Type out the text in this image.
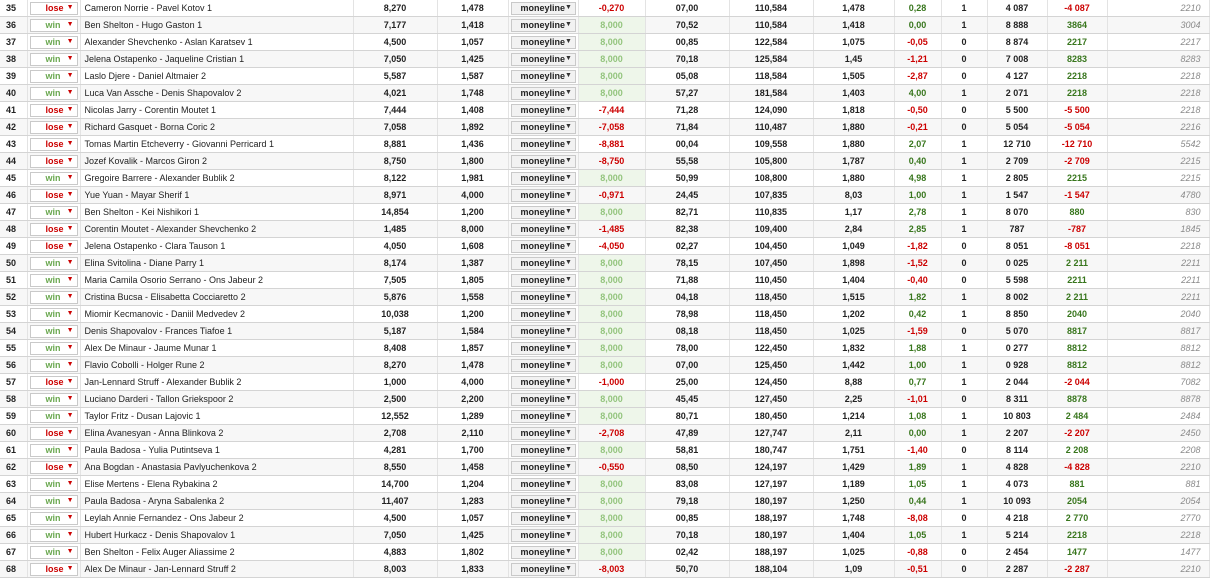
35	lose ▼	Cameron Norrie - Pavel Kotov 1	8,270	1,478	moneyline ▼	-0,270	07,00	110,584	1,478	0,28	1	4 087	-4 087	2210
36	win ▼	Ben Shelton - Hugo Gaston 1	7,177	1,418	moneyline ▼	8,000	70,52	110,584	1,418	0,00	1	8 888	3864	3004
37	win ▼	Alexander Shevchenko - Aslan Karatsev 1	4,500	1,057	moneyline ▼	8,000	00,85	122,584	1,075	-0,05	0	8 874	2217	2217
38	win ▼	Jelena Ostapenko - Jaqueline Cristian 1	7,050	1,425	moneyline ▼	8,000	70,18	125,584	1,45	-1,21	0	7 008	8283	8283
39	win ▼	Laslo Djere - Daniel Altmaier 2	5,587	1,587	moneyline ▼	8,000	05,08	118,584	1,505	-2,87	0	4 127	2218	2218
40	win ▼	Luca Van Assche - Denis Shapovalov 2	4,021	1,748	moneyline ▼	8,000	57,27	181,584	1,403	4,00	1	2 071	2218	2218
41	lose ▼	Nicolas Jarry - Corentin Moutet 1	7,444	1,408	moneyline ▼	-7,444	71,28	124,090	1,818	-0,50	0	5 500	-5 500	2218
42	lose ▼	Richard Gasquet - Borna Coric 2	7,058	1,892	moneyline ▼	-7,058	71,84	110,487	1,880	-0,21	0	5 054	-5 054	2216
43	lose ▼	Tomas Martin Etcheverry - Giovanni Perricard 1	8,881	1,436	moneyline ▼	-8,881	00,04	109,558	1,880	2,07	1	12 710	-12 710	5542
44	lose ▼	Jozef Kovalik - Marcos Giron 2	8,750	1,800	moneyline ▼	-8,750	55,58	105,800	1,787	0,40	1	2 709	-2 709	2215
45	win ▼	Gregoire Barrere - Alexander Bublik 2	8,122	1,981	moneyline ▼	8,000	50,99	108,800	1,880	4,98	1	2 805	2215	2215
46	lose ▼	Yue Yuan - Mayar Sherif 1	8,971	4,000	moneyline ▼	-0,971	24,45	107,835	8,03	1,00	1	1 547	-1 547	4780
47	win ▼	Ben Shelton - Kei Nishikori 1	14,854	1,200	moneyline ▼	8,000	82,71	110,835	1,17	2,78	1	8 070	880	830
48	lose ▼	Corentin Moutet - Alexander Shevchenko 2	1,485	8,000	moneyline ▼	-1,485	82,38	109,400	2,84	2,85	1	787	-787	1845
49	lose ▼	Jelena Ostapenko - Clara Tauson 1	4,050	1,608	moneyline ▼	-4,050	02,27	104,450	1,049	-1,82	0	8 051	-8 051	2218
50	win ▼	Elina Svitolina - Diane Parry 1	8,174	1,387	moneyline ▼	8,000	78,15	107,450	1,898	-1,52	0	0 025	2 211	2211
51	win ▼	Maria Camila Osorio Serrano - Ons Jabeur 2	7,505	1,805	moneyline ▼	8,000	71,88	110,450	1,404	-0,40	0	5 598	2211	2211
52	win ▼	Cristina Bucsa - Elisabetta Cocciaretto 2	5,876	1,558	moneyline ▼	8,000	04,18	118,450	1,515	1,82	1	8 002	2 211	2211
53	win ▼	Miomir Kecmanovic - Daniil Medvedev 2	10,038	1,200	moneyline ▼	8,000	78,98	118,450	1,202	0,42	1	8 850	2040	2040
54	win ▼	Denis Shapovalov - Frances Tiafoe 1	5,187	1,584	moneyline ▼	8,000	08,18	118,450	1,025	-1,59	0	5 070	8817	8817
55	win ▼	Alex De Minaur - Jaume Munar 1	8,408	1,857	moneyline ▼	8,000	78,00	122,450	1,832	1,88	1	0 277	8812	8812
56	win ▼	Flavio Cobolli - Holger Rune 2	8,270	1,478	moneyline ▼	8,000	07,00	125,450	1,442	1,00	1	0 928	8812	8812
57	lose ▼	Jan-Lennard Struff - Alexander Bublik 2	1,000	4,000	moneyline ▼	-1,000	25,00	124,450	8,88	0,77	1	2 044	-2 044	7082
58	win ▼	Luciano Darderi - Tallon Griekspoor 2	2,500	2,200	moneyline ▼	8,000	45,45	127,450	2,25	-1,01	0	8 311	8878	8878
59	win ▼	Taylor Fritz - Dusan Lajovic 1	12,552	1,289	moneyline ▼	8,000	80,71	180,450	1,214	1,08	1	10 803	2 484	2484
60	lose ▼	Elina Avanesyan - Anna Blinkova 2	2,708	2,110	moneyline ▼	-2,708	47,89	127,747	2,11	0,00	1	2 207	-2 207	2450
61	win ▼	Paula Badosa - Yulia Putintseva 1	4,281	1,700	moneyline ▼	8,000	58,81	180,747	1,751	-1,40	0	8 114	2 208	2208
62	lose ▼	Ana Bogdan - Anastasia Pavlyuchenkova 2	8,550	1,458	moneyline ▼	-0,550	08,50	124,197	1,429	1,89	1	4 828	-4 828	2210
63	win ▼	Elise Mertens - Elena Rybakina 2	14,700	1,204	moneyline ▼	8,000	83,08	127,197	1,189	1,05	1	4 073	881	881
64	win ▼	Paula Badosa - Aryna Sabalenka 2	11,407	1,283	moneyline ▼	8,000	79,18	180,197	1,250	0,44	1	10 093	2054	2054
65	win ▼	Leylah Annie Fernandez - Ons Jabeur 2	4,500	1,057	moneyline ▼	8,000	00,85	188,197	1,748	-8,08	0	4 218	2 770	2770
66	win ▼	Hubert Hurkacz - Denis Shapovalov 1	7,050	1,425	moneyline ▼	8,000	70,18	180,197	1,404	1,05	1	5 214	2218	2218
67	win ▼	Ben Shelton - Felix Auger Aliassime 2	4,883	1,802	moneyline ▼	8,000	02,42	188,197	1,025	-0,88	0	2 454	1477	1477
68	lose ▼	Alex De Minaur - Jan-Lennard Struff 2	8,003	1,833	moneyline ▼	-8,003	50,70	188,104	1,09	-0,51	0	2 287	-2 287	2210
